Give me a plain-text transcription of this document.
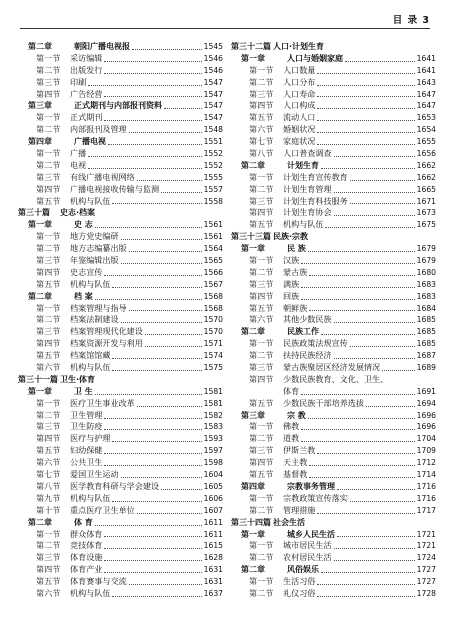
目 录 3
第二章	朝阳广播电视报	1545
第一节	采访编辑	1546
第二节	出版发行	1546
第三节	印刷	1547
第四节	广告经营	1547
第三章	正式期刊与内部报刊资料	1547
第一节	正式期刊	1547
第二节	内部报刊及管理	1548
第四章	广播电视	1551
第一节	广播	1552
第二节	电视	1552
第三节	有线广播电视网络	1555
第四节	广播电视接收传输与监测	1557
第五节	机构与队伍	1558
第三十篇	史志·档案
第一章	史 志	1561
第一节	地方党史编研	1561
第二节	地方志编纂出版	1564
第三节	年鉴编辑出版	1565
第四节	史志宣传	1566
第五节	机构与队伍	1567
第二章	档 案	1568
第一节	档案管理与指导	1568
第二节	档案法制建设	1570
第三节	档案管理现代化建设	1570
第四节	档案资源开发与利用	1571
第五节	档案馆馆藏	1574
第六节	机构与队伍	1575
第三十一篇 卫生·体育
第一章	卫 生	1581
第一节	医疗卫生事业改革	1581
第二节	卫生管理	1582
第三节	卫生防疫	1583
第四节	医疗与护理	1593
第五节	妇幼保健	1597
第六节	公共卫生	1598
第七节	爱国卫生运动	1604
第八节	医学教育科研与学会建设	1605
第九节	机构与队伍	1606
第十节	重点医疗卫生单位	1607
第二章	体 育	1611
第一节	群众体育	1611
第二节	竞技体育	1615
第三节	体育设施	1628
第四节	体育产业	1631
第五节	体育赛事与交流	1631
第六节	机构与队伍	1637
第三十二篇 人口·计划生育
第一章	人口与婚姻家庭	1641
第一节	人口数量	1641
第二节	人口分布	1643
第三节	人口寿命	1647
第四节	人口构成	1647
第五节	流动人口	1653
第六节	婚姻状况	1654
第七节	家庭状况	1655
第八节	人口普查调查	1656
第二章	计划生育	1662
第一节	计划生育宣传教育	1662
第二节	计划生育管理	1665
第三节	计划生育科技服务	1671
第四节	计划生育协会	1673
第五节	机构与队伍	1675
第三十三篇 民族·宗教
第一章	民 族	1679
第一节	汉族	1679
第二节	蒙古族	1680
第三节	满族	1683
第四节	回族	1683
第五节	朝鲜族	1684
第六节	其他少数民族	1685
第二章	民族工作	1685
第一节	民族政策法规宣传	1685
第二节	扶持民族经济	1687
第三节	蒙古族聚居区经济发展情况	1689
第四节	少数民族教育、文化、卫生、
体育	1691
第五节	少数民族干部培养选拔	1694
第三章	宗 教	1696
第一节	佛教	1696
第二节	道教	1704
第三节	伊斯兰教	1709
第四节	天主教	1712
第五节	基督教	1714
第四章	宗教事务管理	1716
第一节	宗教政策宣传落实	1716
第二节	管理措施	1717
第三十四篇 社会生活
第一章	城乡人民生活	1721
第一节	城市居民生活	1721
第二节	农村居民生活	1724
第二章	风俗娱乐	1727
第一节	生活习俗	1727
第二节	礼仪习俗	1728
